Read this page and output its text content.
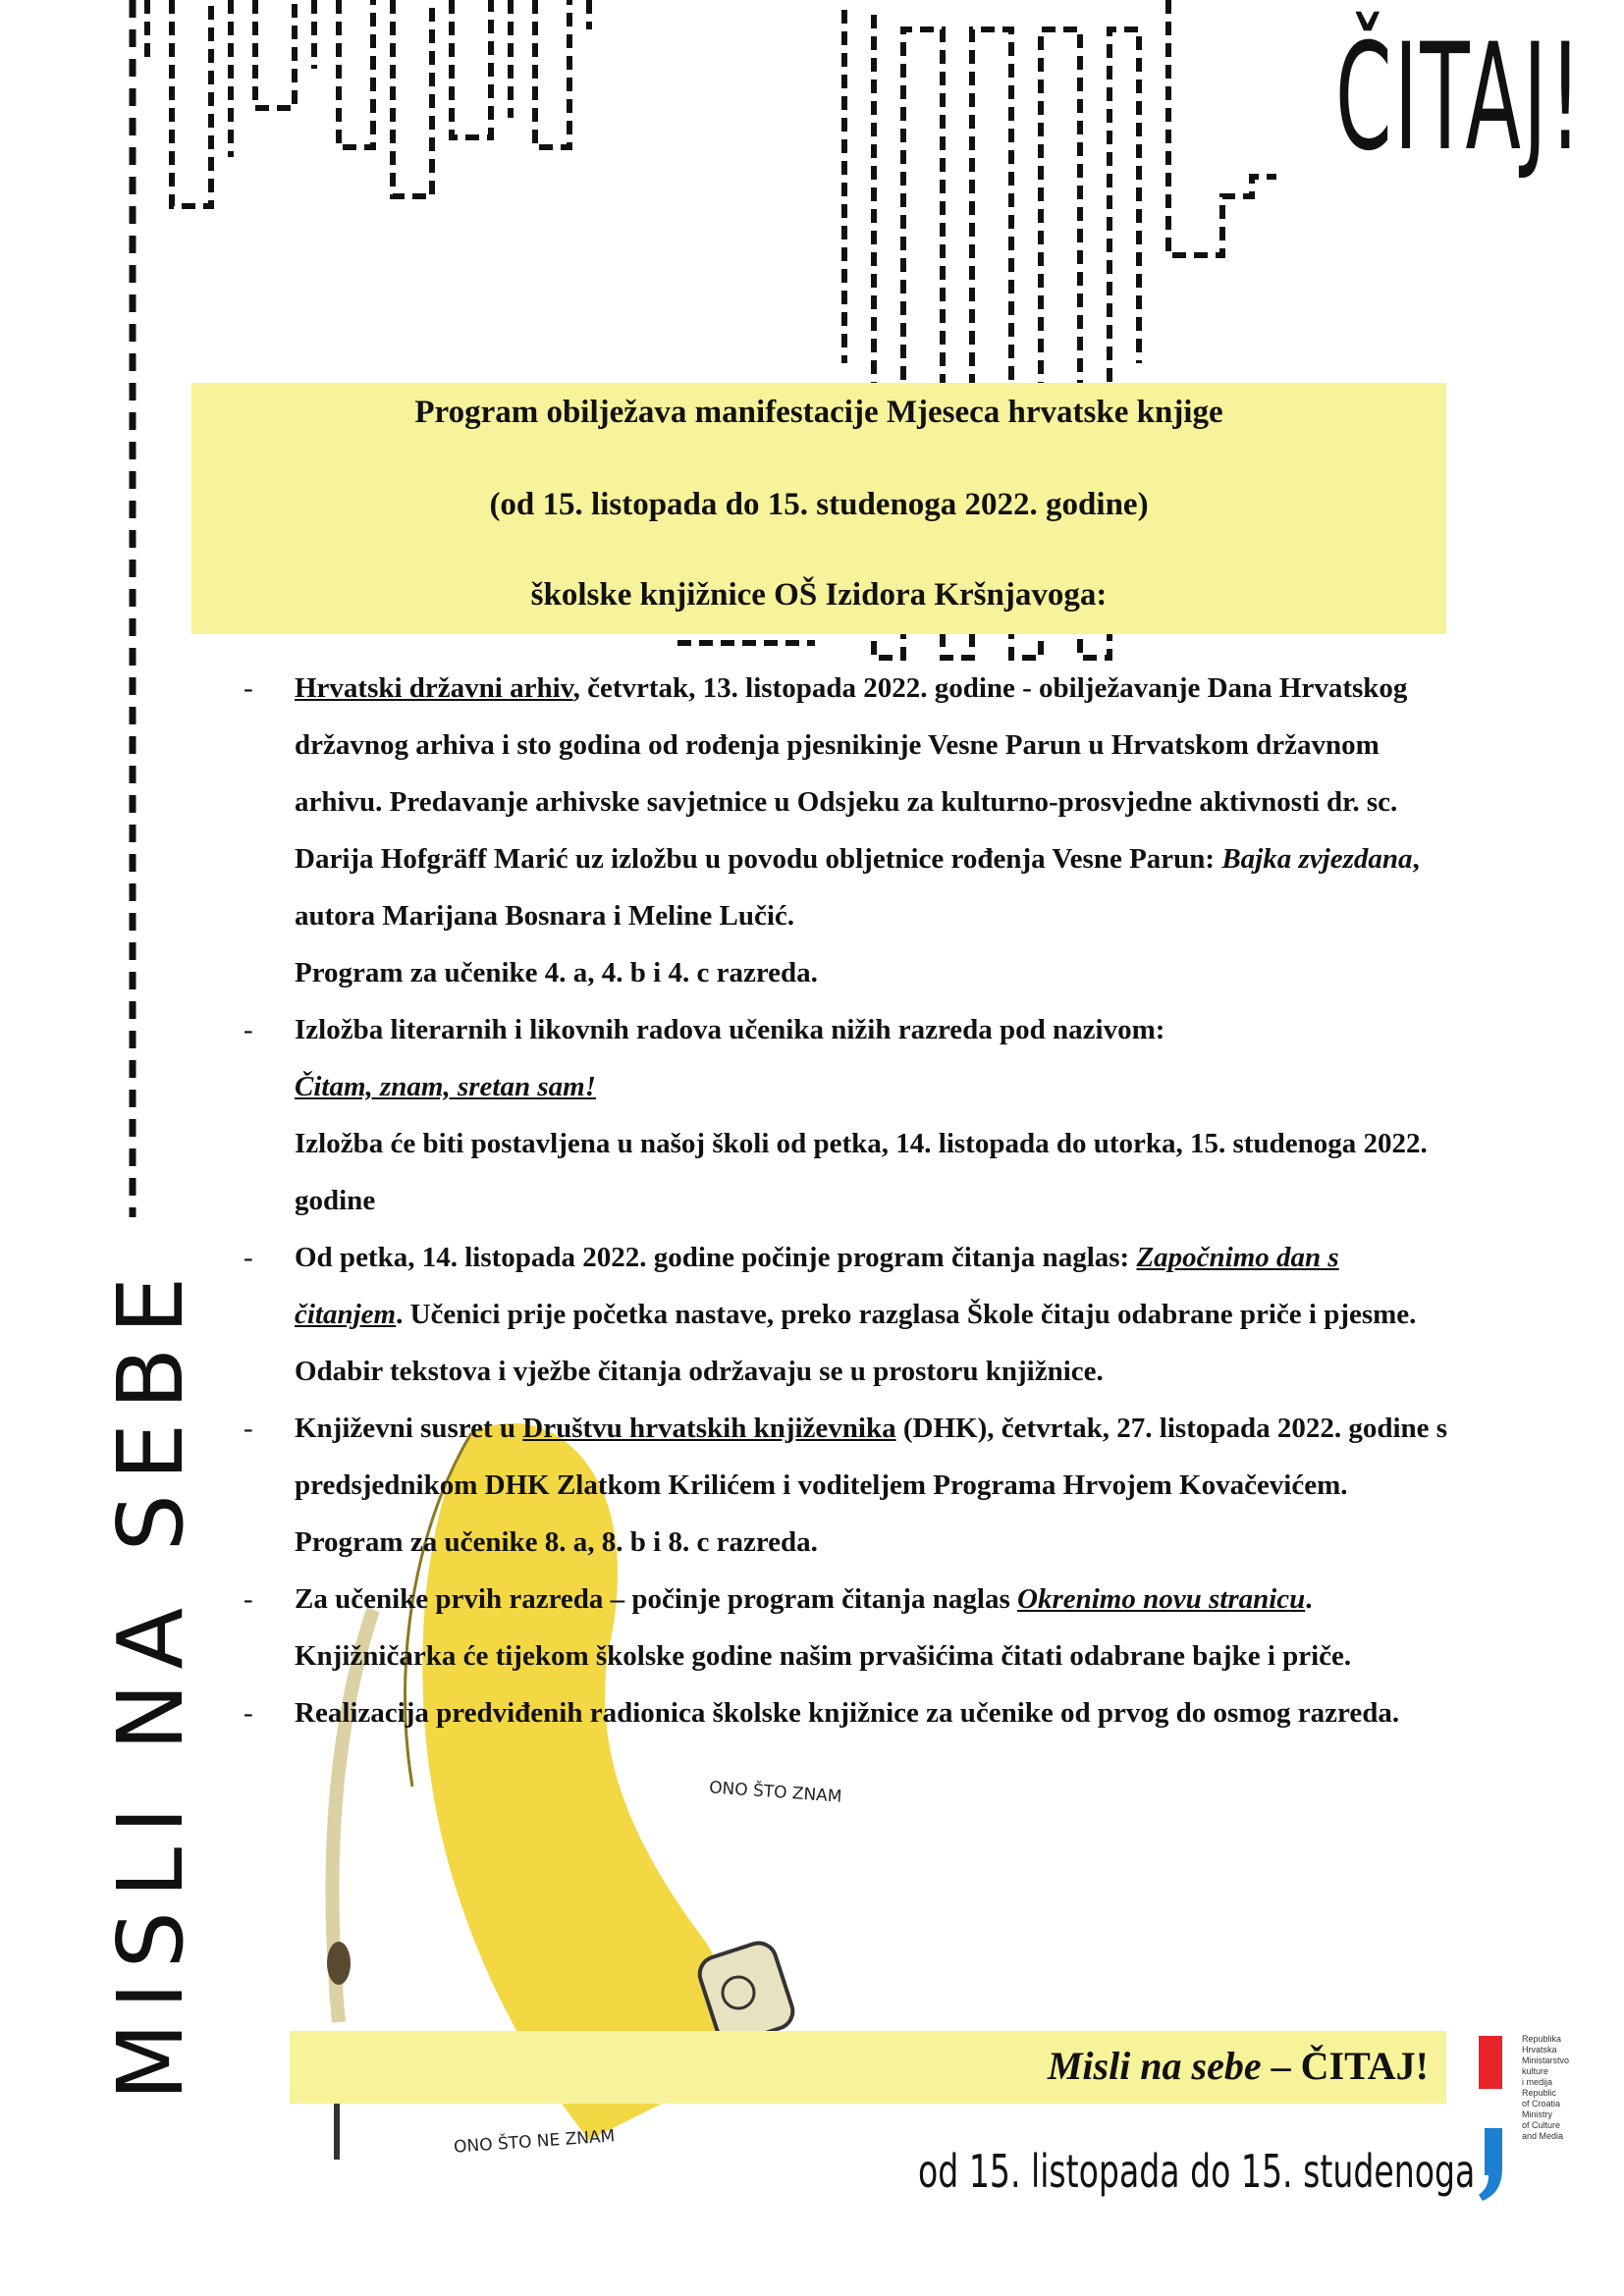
ČITAJ!
MISLI NA SEBE
Program obilježava manifestacije Mjeseca hrvatske knjige
(od 15. listopada do 15. studenoga 2022. godine)
školske knjižnice OŠ Izidora Kršnjavoga:
- Hrvatski državni arhiv, četvrtak, 13. listopada 2022. godine - obilježavanje Dana Hrvatskog državnog arhiva i sto godina od rođenja pjesnikinje Vesne Parun u Hrvatskom državnom arhivu. Predavanje arhivske savjetnice u Odsjeku za kulturno-prosvjedne aktivnosti dr. sc. Darija Hofgräff Marić uz izložbu u povodu obljetnice rođenja Vesne Parun: Bajka zvjezdana, autora Marijana Bosnara i Meline Lučić.
Program za učenike 4. a, 4. b i 4. c razreda.
- Izložba literarnih i likovnih radova učenika nižih razreda pod nazivom:
Čitam, znam, sretan sam!
Izložba će biti postavljena u našoj školi od petka, 14. listopada do utorka, 15. studenoga 2022. godine
- Od petka, 14. listopada 2022. godine počinje program čitanja naglas: Započnimo dan s čitanjem. Učenici prije početka nastave, preko razglasa Škole čitaju odabrane priče i pjesme. Odabir tekstova i vježbe čitanja održavaju se u prostoru knjižnice.
- Književni susret u Društvu hrvatskih književnika (DHK), četvrtak, 27. listopada 2022. godine s predsjednikom DHK Zlatkom Krilićem i voditeljem Programa Hrvojem Kovačevićem.
Program za učenike 8. a, 8. b i 8. c razreda.
- Za učenike prvih razreda – počinje program čitanja naglas Okrenimo novu stranicu. Knjižničarka će tijekom školske godine našim prvašićima čitati odabrane bajke i priče.
- Realizacija predviđenih radionica školske knjižnice za učenike od prvog do osmog razreda.
ONO ŠTO ZNAM
ONO ŠTO NE ZNAM
Misli na sebe – ČITAJ!
od 15. listopada do 15. studenoga
Republika
Hrvatska
Ministarstvo
kulture
i medija
Republic
of Croatia
Ministry
of Culture
and Media
